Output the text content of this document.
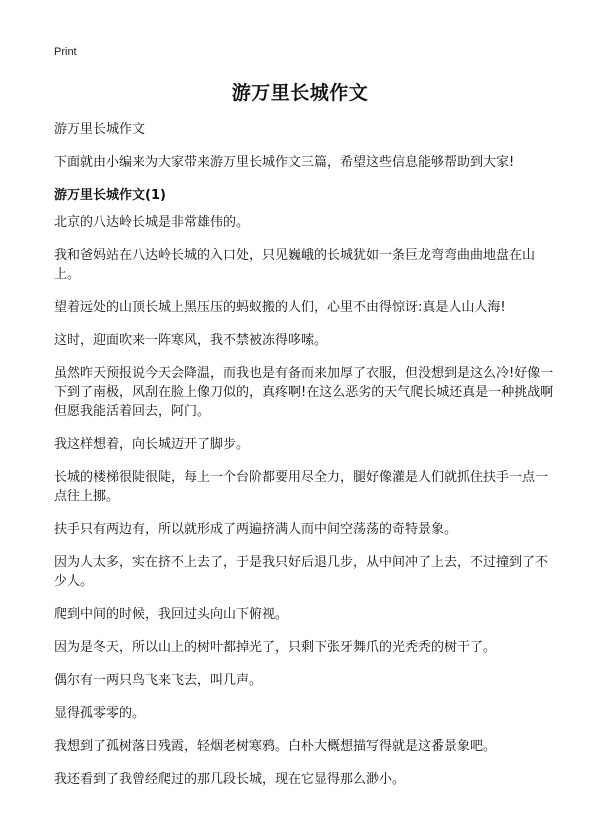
Print
游万里长城作文

游万里长城作文

下面就由小编来为大家带来游万里长城作文三篇，希望这些信息能够帮助到大家!

游万里长城作文(1)

北京的八达岭长城是非常雄伟的。

我和爸妈站在八达岭长城的入口处，只见巍峨的长城犹如一条巨龙弯弯曲曲地盘在山上。

望着远处的山顶长城上黑压压的蚂蚁搬的人们，心里不由得惊讶:真是人山人海!

这时，迎面吹来一阵寒风，我不禁被冻得哆嗦。

虽然昨天预报说今天会降温，而我也是有备而来加厚了衣服，但没想到是这么冷!好像一下到了南极，风刮在脸上像刀似的，真疼啊!在这么恶劣的天气爬长城还真是一种挑战啊但愿我能活着回去，阿门。

我这样想着，向长城迈开了脚步。

长城的楼梯很陡很陡，每上一个台阶都要用尽全力，腿好像灌是人们就抓住扶手一点一点往上挪。

扶手只有两边有，所以就形成了两遍挤满人而中间空荡荡的奇特景象。

因为人太多，实在挤不上去了，于是我只好后退几步，从中间冲了上去，不过撞到了不少人。

爬到中间的时候，我回过头向山下俯视。

因为是冬天，所以山上的树叶都掉光了，只剩下张牙舞爪的光秃秃的树干了。

偶尔有一两只鸟飞来飞去，叫几声。

显得孤零零的。

我想到了孤树落日残霞，轻烟老树寒鸦。白朴大概想描写得就是这番景象吧。

我还看到了我曾经爬过的那几段长城，现在它显得那么渺小。
